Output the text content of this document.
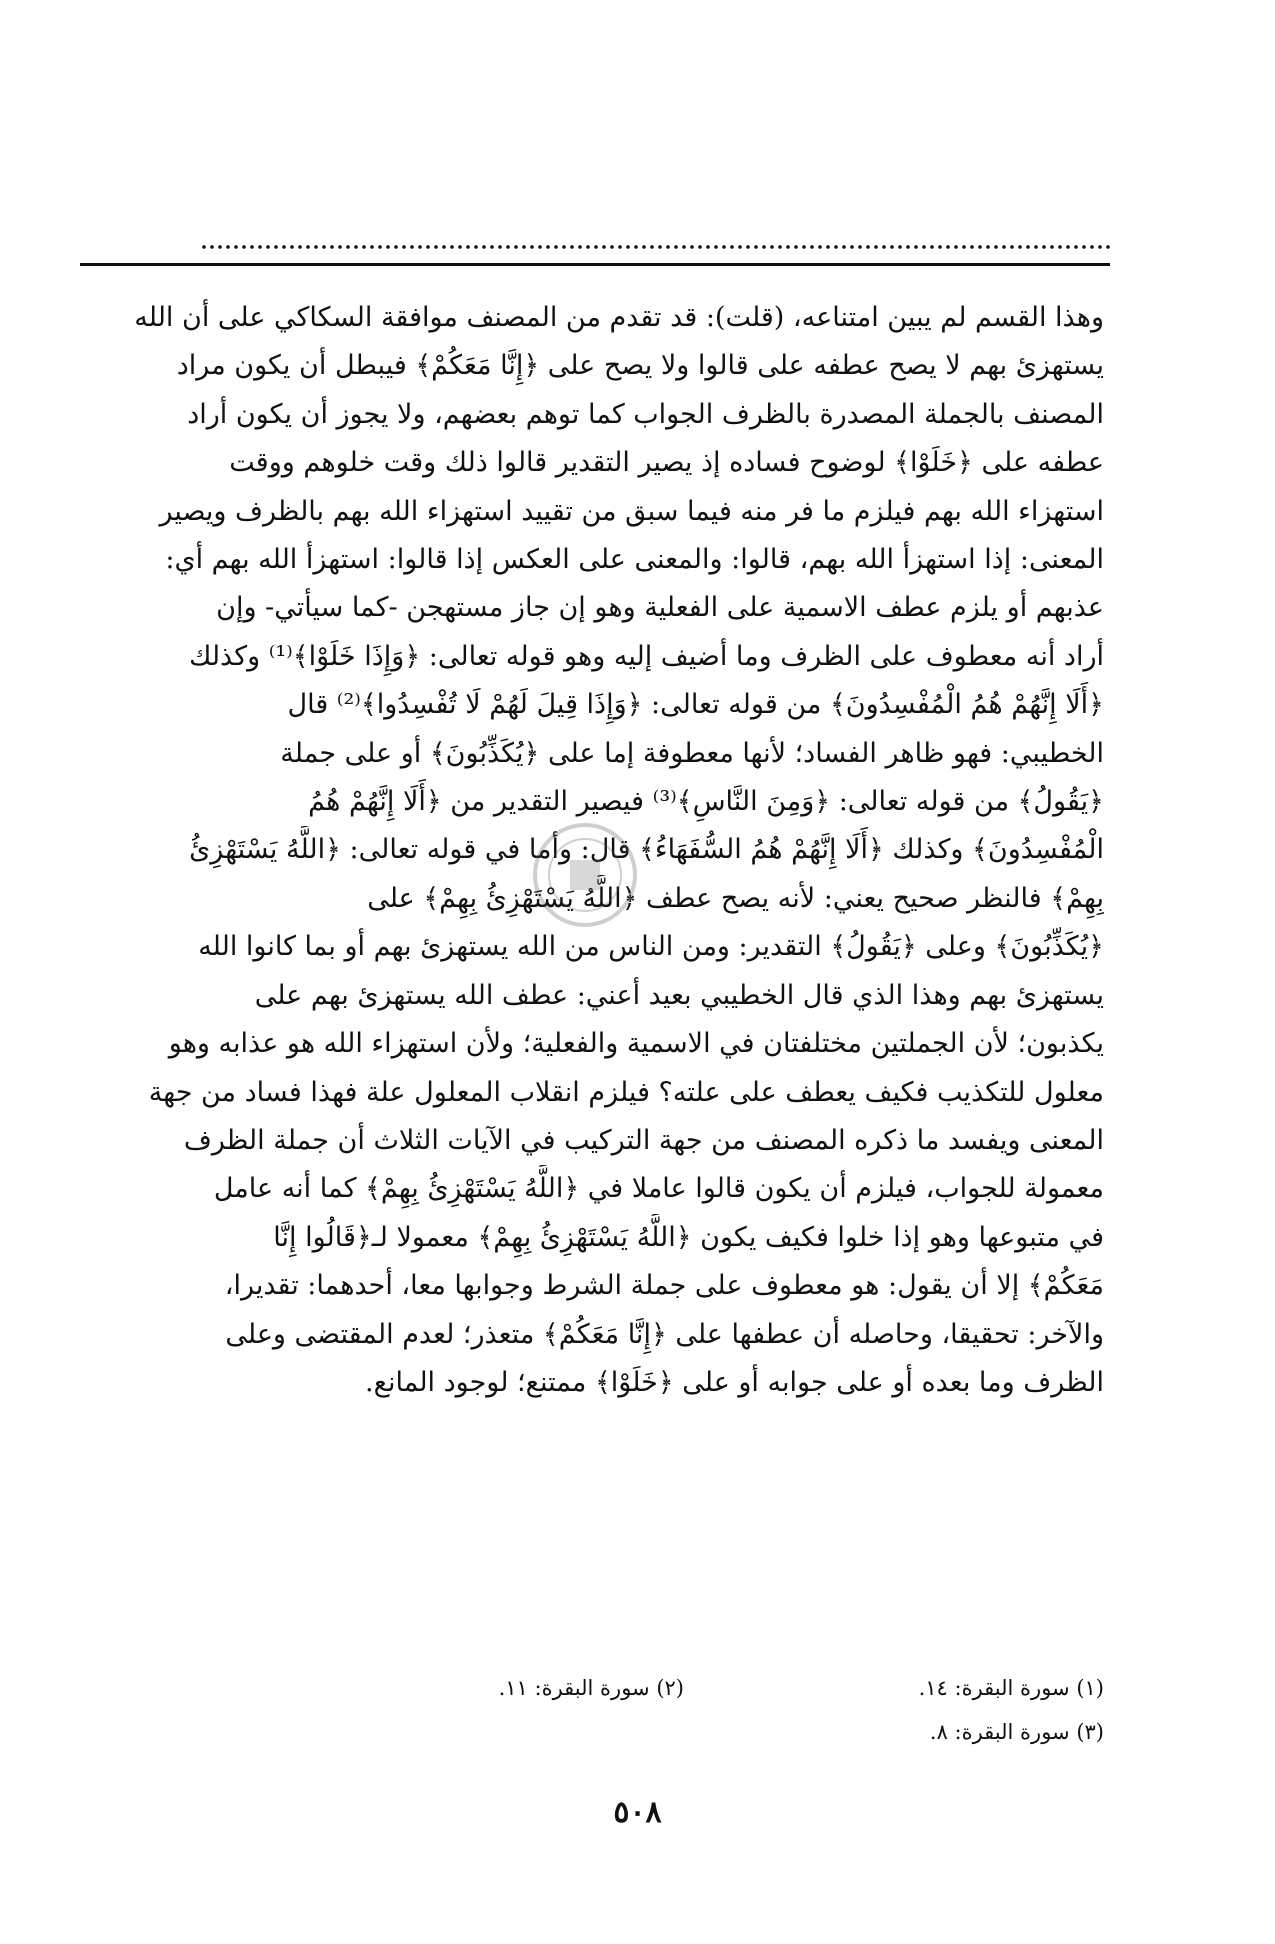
وهذا القسم لم يبين امتناعه، (قلت): قد تقدم من المصنف موافقة السكاكي على أن الله
يستهزئ بهم لا يصح عطفه على قالوا ولا يصح على ﴿إِنَّا مَعَكُمْ﴾ فيبطل أن يكون مراد
المصنف بالجملة المصدرة بالظرف الجواب كما توهم بعضهم، ولا يجوز أن يكون أراد
عطفه على ﴿خَلَوْا﴾ لوضوح فساده إذ يصير التقدير قالوا ذلك وقت خلوهم ووقت
استهزاء الله بهم فيلزم ما فر منه فيما سبق من تقييد استهزاء الله بهم بالظرف ويصير
المعنى: إذا استهزأ الله بهم، قالوا: والمعنى على العكس إذا قالوا: استهزأ الله بهم أي:
عذبهم أو يلزم عطف الاسمية على الفعلية وهو إن جاز مستهجن -كما سيأتي- وإن
أراد أنه معطوف على الظرف وما أضيف إليه وهو قوله تعالى: ﴿وَإِذَا خَلَوْا﴾⁽¹⁾ وكذلك
﴿أَلَا إِنَّهُمْ هُمُ الْمُفْسِدُونَ﴾ من قوله تعالى: ﴿وَإِذَا قِيلَ لَهُمْ لَا تُفْسِدُوا﴾⁽²⁾ قال
الخطيبي: فهو ظاهر الفساد؛ لأنها معطوفة إما على ﴿يُكَذِّبُونَ﴾ أو على جملة
﴿يَقُولُ﴾ من قوله تعالى: ﴿وَمِنَ النَّاسِ﴾⁽³⁾ فيصير التقدير من ﴿أَلَا إِنَّهُمْ هُمُ
الْمُفْسِدُونَ﴾ وكذلك ﴿أَلَا إِنَّهُمْ هُمُ السُّفَهَاءُ﴾ قال: وأما في قوله تعالى: ﴿اللَّهُ يَسْتَهْزِئُ
بِهِمْ﴾ فالنظر صحيح يعني: لأنه يصح عطف ﴿اللَّهُ يَسْتَهْزِئُ بِهِمْ﴾ على
﴿يُكَذِّبُونَ﴾ وعلى ﴿يَقُولُ﴾ التقدير: ومن الناس من الله يستهزئ بهم أو بما كانوا الله
يستهزئ بهم وهذا الذي قال الخطيبي بعيد أعني: عطف الله يستهزئ بهم على
يكذبون؛ لأن الجملتين مختلفتان في الاسمية والفعلية؛ ولأن استهزاء الله هو عذابه وهو
معلول للتكذيب فكيف يعطف على علته؟ فيلزم انقلاب المعلول علة فهذا فساد من جهة
المعنى ويفسد ما ذكره المصنف من جهة التركيب في الآيات الثلاث أن جملة الظرف
معمولة للجواب، فيلزم أن يكون قالوا عاملا في ﴿اللَّهُ يَسْتَهْزِئُ بِهِمْ﴾ كما أنه عامل
في متبوعها وهو إذا خلوا فكيف يكون ﴿اللَّهُ يَسْتَهْزِئُ بِهِمْ﴾ معمولا لـ﴿قَالُوا إِنَّا
مَعَكُمْ﴾ إلا أن يقول: هو معطوف على جملة الشرط وجوابها معا، أحدهما: تقديرا،
والآخر: تحقيقا، وحاصله أن عطفها على ﴿إِنَّا مَعَكُمْ﴾ متعذر؛ لعدم المقتضى وعلى
الظرف وما بعده أو على جوابه أو على ﴿خَلَوْا﴾ ممتنع؛ لوجود المانع.
(١) سورة البقرة: ١٤.
(٢) سورة البقرة: ١١.
(٣) سورة البقرة: ٨.
٥٠٨
